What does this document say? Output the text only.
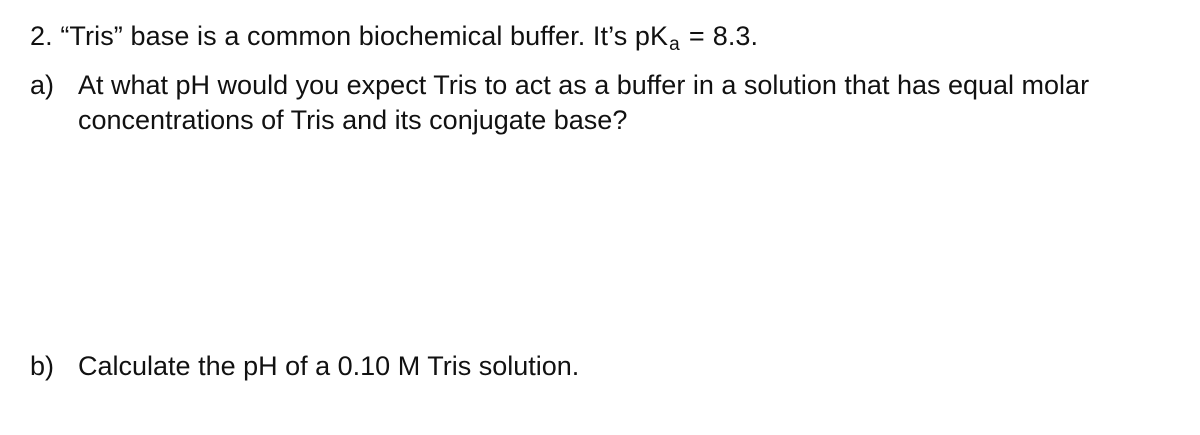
2. “Tris” base is a common biochemical buffer. It’s pKa = 8.3.
a) At what pH would you expect Tris to act as a buffer in a solution that has equal molar
concentrations of Tris and its conjugate base?
b) Calculate the pH of a 0.10 M Tris solution.
